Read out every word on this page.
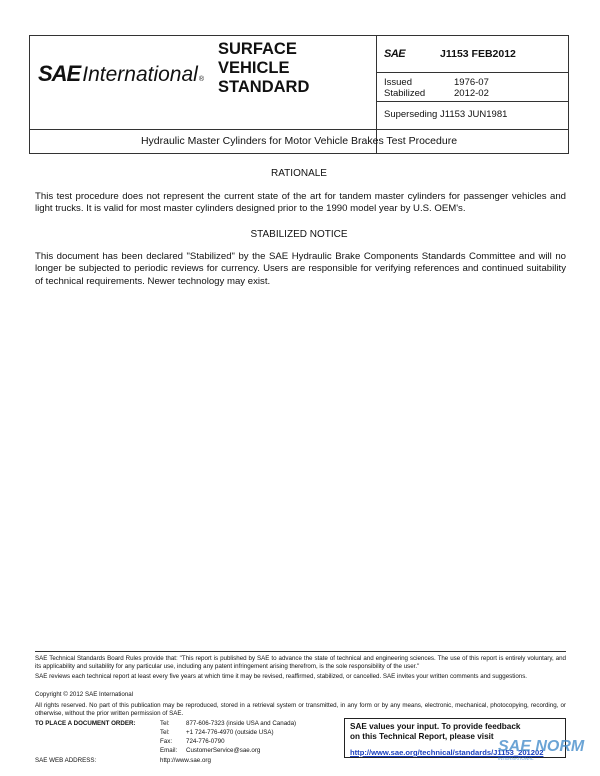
SAE International ®
SURFACE
VEHICLE
STANDARD
SAE	J1153 FEB2012
Issued	1976-07
Stabilized	2012-02
Superseding J1153 JUN1981
Hydraulic Master Cylinders for Motor Vehicle Brakes Test Procedure
RATIONALE
This test procedure does not represent the current state of the art for tandem master cylinders for passenger vehicles and light trucks. It is valid for most master cylinders designed prior to the 1990 model year by U.S. OEM's.
STABILIZED NOTICE
This document has been declared "Stabilized" by the SAE Hydraulic Brake Components Standards Committee and will no longer be subjected to periodic reviews for currency. Users are responsible for verifying references and continued suitability of technical requirements. Newer technology may exist.
SAE Technical Standards Board Rules provide that: "This report is published by SAE to advance the state of technical and engineering sciences. The use of this report is entirely voluntary, and its applicability and suitability for any particular use, including any patent infringement arising therefrom, is the sole responsibility of the user."
SAE reviews each technical report at least every five years at which time it may be revised, reaffirmed, stabilized, or cancelled. SAE invites your written comments and suggestions.
Copyright © 2012 SAE International
All rights reserved. No part of this publication may be reproduced, stored in a retrieval system or transmitted, in any form or by any means, electronic, mechanical, photocopying, recording, or otherwise, without the prior written permission of SAE.
TO PLACE A DOCUMENT ORDER:	Tel:	877-606-7323 (inside USA and Canada)
Tel:	+1 724-776-4970 (outside USA)
Fax: 724-776-0790
Email: CustomerService@sae.org
SAE WEB ADDRESS:	http://www.sae.org
SAE values your input. To provide feedback
on this Technical Report, please visit
http://www.sae.org/technical/standards/J1153_201202
SAE NORM
INTERNATIONAL
